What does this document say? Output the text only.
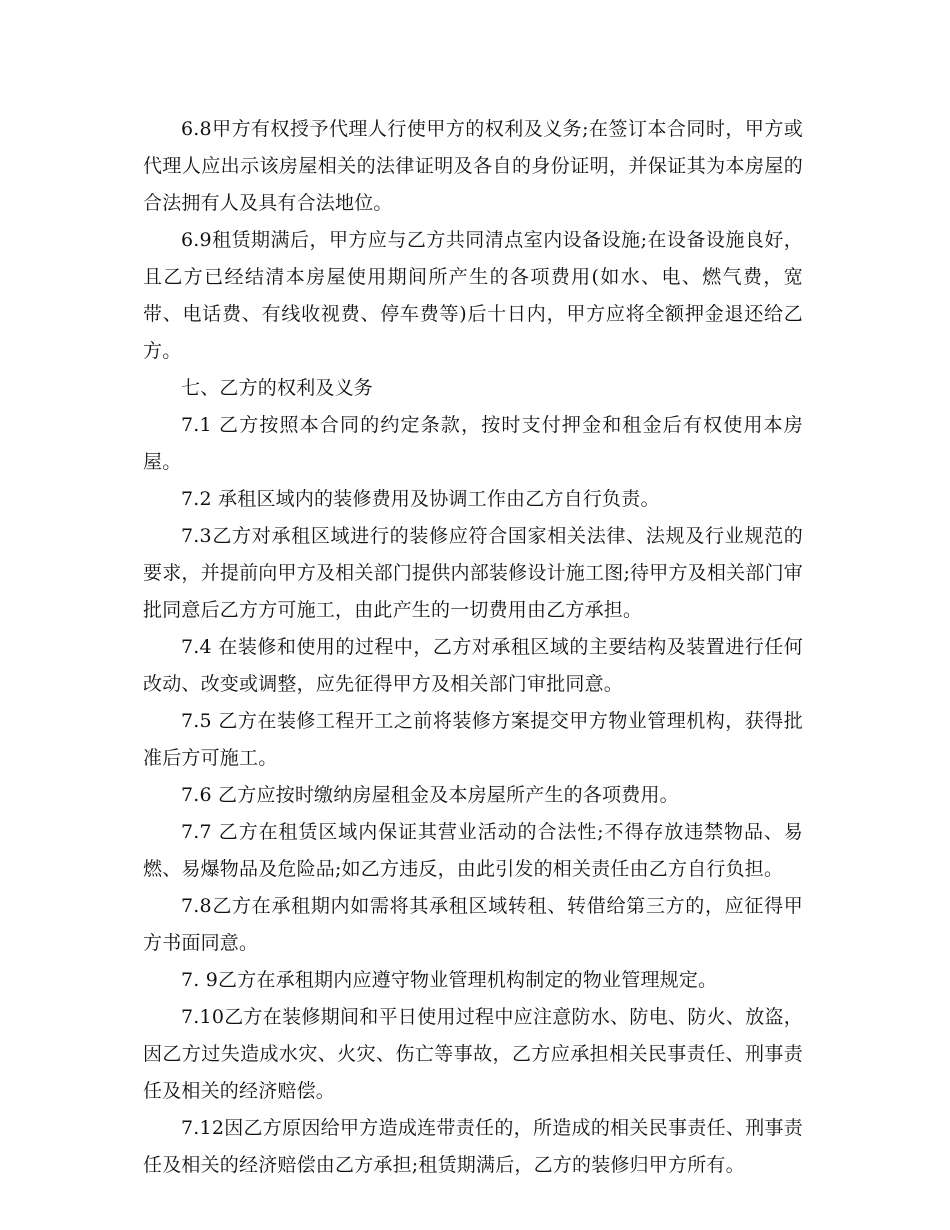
6.8甲方有权授予代理人行使甲方的权利及义务;在签订本合同时，甲方或代理人应出示该房屋相关的法律证明及各自的身份证明，并保证其为本房屋的合法拥有人及具有合法地位。

6.9租赁期满后，甲方应与乙方共同清点室内设备设施;在设备设施良好，且乙方已经结清本房屋使用期间所产生的各项费用(如水、电、燃气费，宽带、电话费、有线收视费、停车费等)后十日内，甲方应将全额押金退还给乙方。

七、乙方的权利及义务

7.1 乙方按照本合同的约定条款，按时支付押金和租金后有权使用本房屋。

7.2 承租区域内的装修费用及协调工作由乙方自行负责。

7.3乙方对承租区域进行的装修应符合国家相关法律、法规及行业规范的要求，并提前向甲方及相关部门提供内部装修设计施工图;待甲方及相关部门审批同意后乙方方可施工，由此产生的一切费用由乙方承担。

7.4 在装修和使用的过程中，乙方对承租区域的主要结构及装置进行任何改动、改变或调整，应先征得甲方及相关部门审批同意。

7.5 乙方在装修工程开工之前将装修方案提交甲方物业管理机构，获得批准后方可施工。

7.6 乙方应按时缴纳房屋租金及本房屋所产生的各项费用。

7.7 乙方在租赁区域内保证其营业活动的合法性;不得存放违禁物品、易燃、易爆物品及危险品;如乙方违反，由此引发的相关责任由乙方自行负担。

7.8乙方在承租期内如需将其承租区域转租、转借给第三方的，应征得甲方书面同意。

7. 9乙方在承租期内应遵守物业管理机构制定的物业管理规定。

7.10乙方在装修期间和平日使用过程中应注意防水、防电、防火、放盗，因乙方过失造成水灾、火灾、伤亡等事故，乙方应承担相关民事责任、刑事责任及相关的经济赔偿。

7.12因乙方原因给甲方造成连带责任的，所造成的相关民事责任、刑事责任及相关的经济赔偿由乙方承担;租赁期满后，乙方的装修归甲方所有。
